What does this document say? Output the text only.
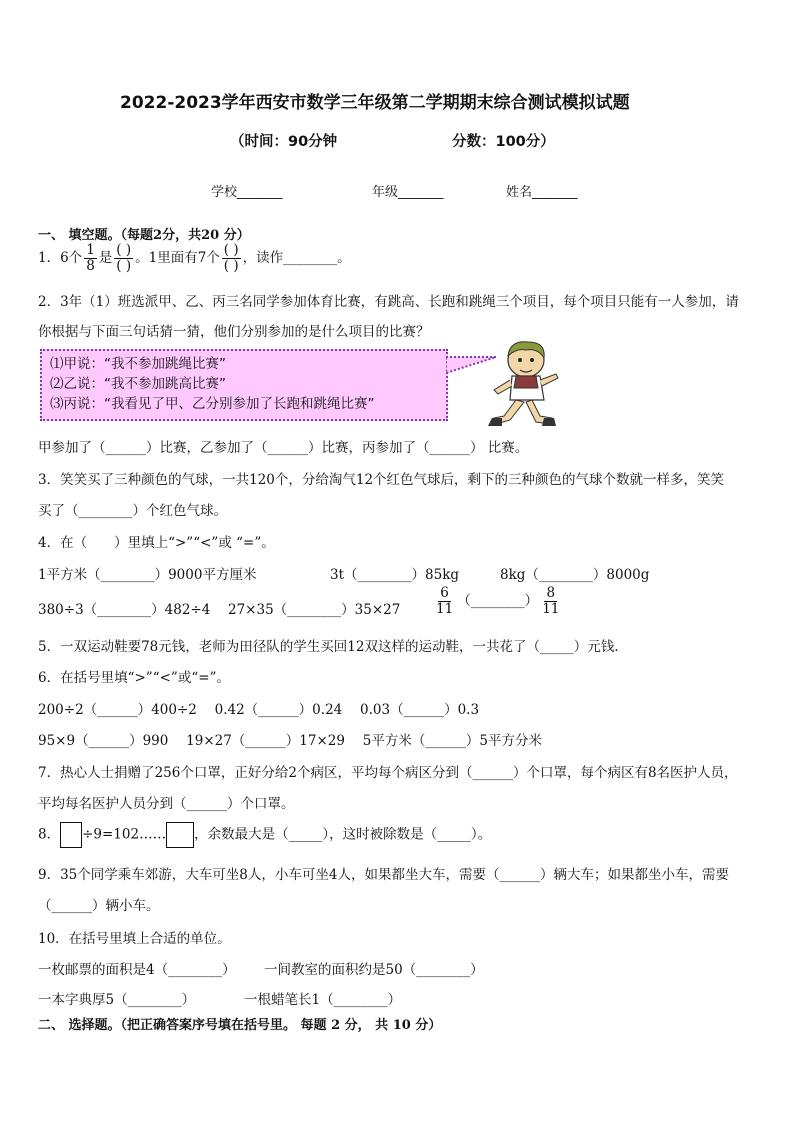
2022-2023学年西安市数学三年级第二学期期末综合测试模拟试题
（时间：90分钟	分数：100分）
学校_______	年级_______	姓名_______
一、 填空题。（每题2分，共20 分）
1．6个 $\frac{1}{8}$ 是 $\frac{( )}{( )}$ 。1里面有7个 $\frac{( )}{( )}$ ，读作________。
2．3年（1）班选派甲、乙、丙三名同学参加体育比赛，有跳高、长跑和跳绳三个项目，每个项目只能有一人参加，请
你根据与下面三句话猜一猜，他们分别参加的是什么项目的比赛？
⑴甲说：“我不参加跳绳比赛”
⑵乙说：“我不参加跳高比赛”
⑶丙说：“我看见了甲、乙分别参加了长跑和跳绳比赛”
甲参加了（______）比赛，乙参加了（______）比赛，丙参加了（______） 比赛。
3．笑笑买了三种颜色的气球，一共120个，分给淘气12个红色气球后，剩下的三种颜色的气球个数就一样多，笑笑
买了（________）个红色气球。
4．在（　　）里填上“>”“<”或 “=”。
1平方米（________）9000平方厘米	3t（________）85kg	8kg（________）8000g
380÷3（________）482÷4 27×35（________）35×27 $\frac{6}{11}$ （________） $\frac{8}{11}$
5．一双运动鞋要78元钱，老师为田径队的学生买回12双这样的运动鞋，一共花了（_____）元钱.
6．在括号里填“>”“<”或“=”。
200÷2（______）400÷2　 0.42（______）0.24　 0.03（______）0.3
95×9（______）990　 19×27（______）17×29　 5平方米（______）5平方分米
7．热心人士捐赠了256个口罩，正好分给2个病区，平均每个病区分到（______）个口罩，每个病区有8名医护人员，
平均每名医护人员分到（______）个口罩。
8． ÷9=102…… ，余数最大是（_____），这时被除数是（_____）。
9．35个同学乘车郊游，大车可坐8人，小车可坐4人，如果都坐大车，需要（______）辆大车；如果都坐小车，需要
（______）辆小车。
10．在括号里填上合适的单位。
一枚邮票的面积是4（________） 一间教室的面积约是50（________）
一本字典厚5（________）	一根蜡笔长1（________）
二、 选择题。（把正确答案序号填在括号里。 每题 2 分， 共 10 分）
